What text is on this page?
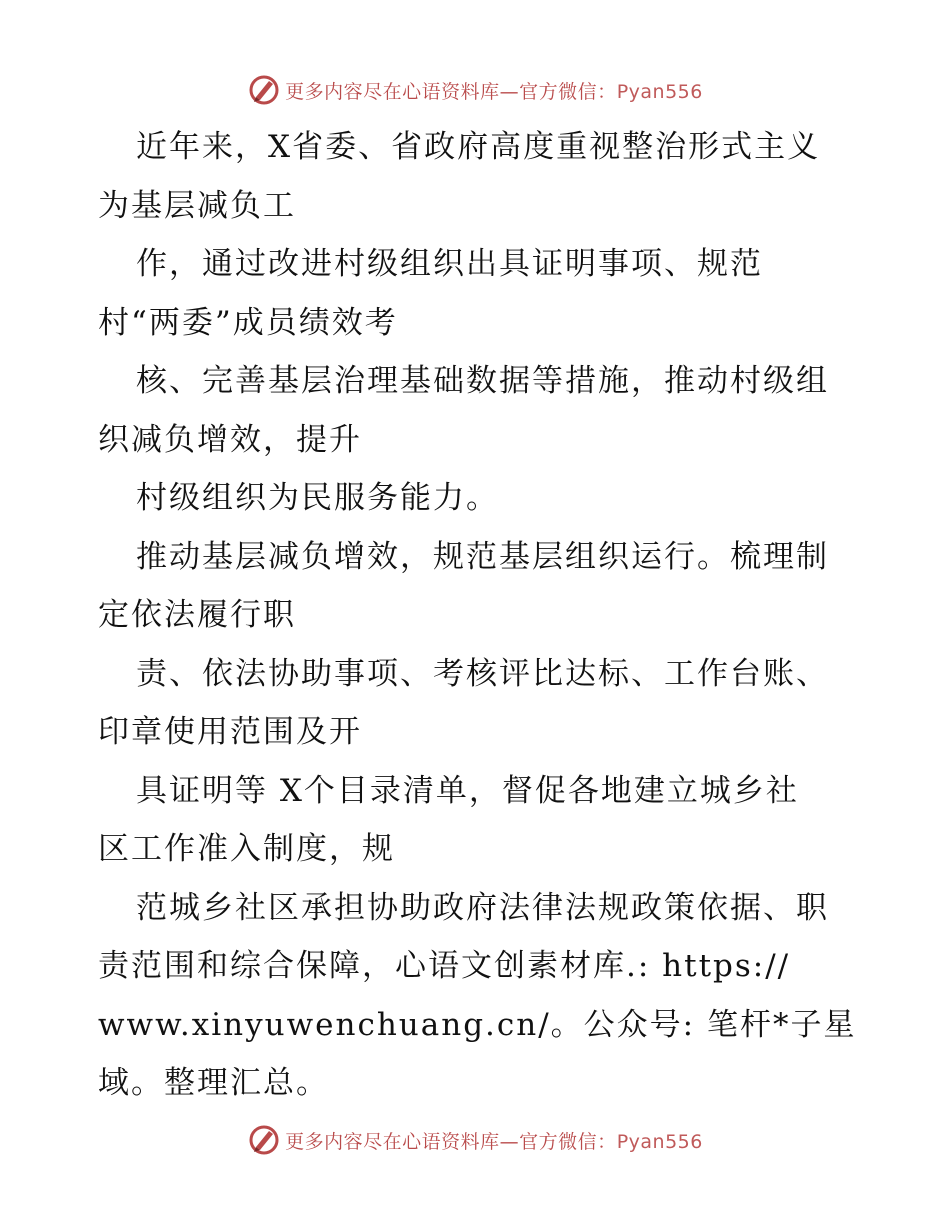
更多内容尽在心语资料库—官方微信：Pyan556
近年来，X省委、省政府高度重视整治形式主义
为基层减负工
作，通过改进村级组织出具证明事项、规范
村“两委”成员绩效考
核、完善基层治理基础数据等措施，推动村级组
织减负增效，提升
村级组织为民服务能力。
推动基层减负增效，规范基层组织运行。梳理制
定依法履行职
责、依法协助事项、考核评比达标、工作台账、
印章使用范围及开
具证明等 X个目录清单，督促各地建立城乡社
区工作准入制度，规
范城乡社区承担协助政府法律法规政策依据、职
责范围和综合保障，心语文创素材库.: https://
www.xinyuwenchuang.cn/。公众号: 笔杆*子星
域。整理汇总。
更多内容尽在心语资料库—官方微信：Pyan556
